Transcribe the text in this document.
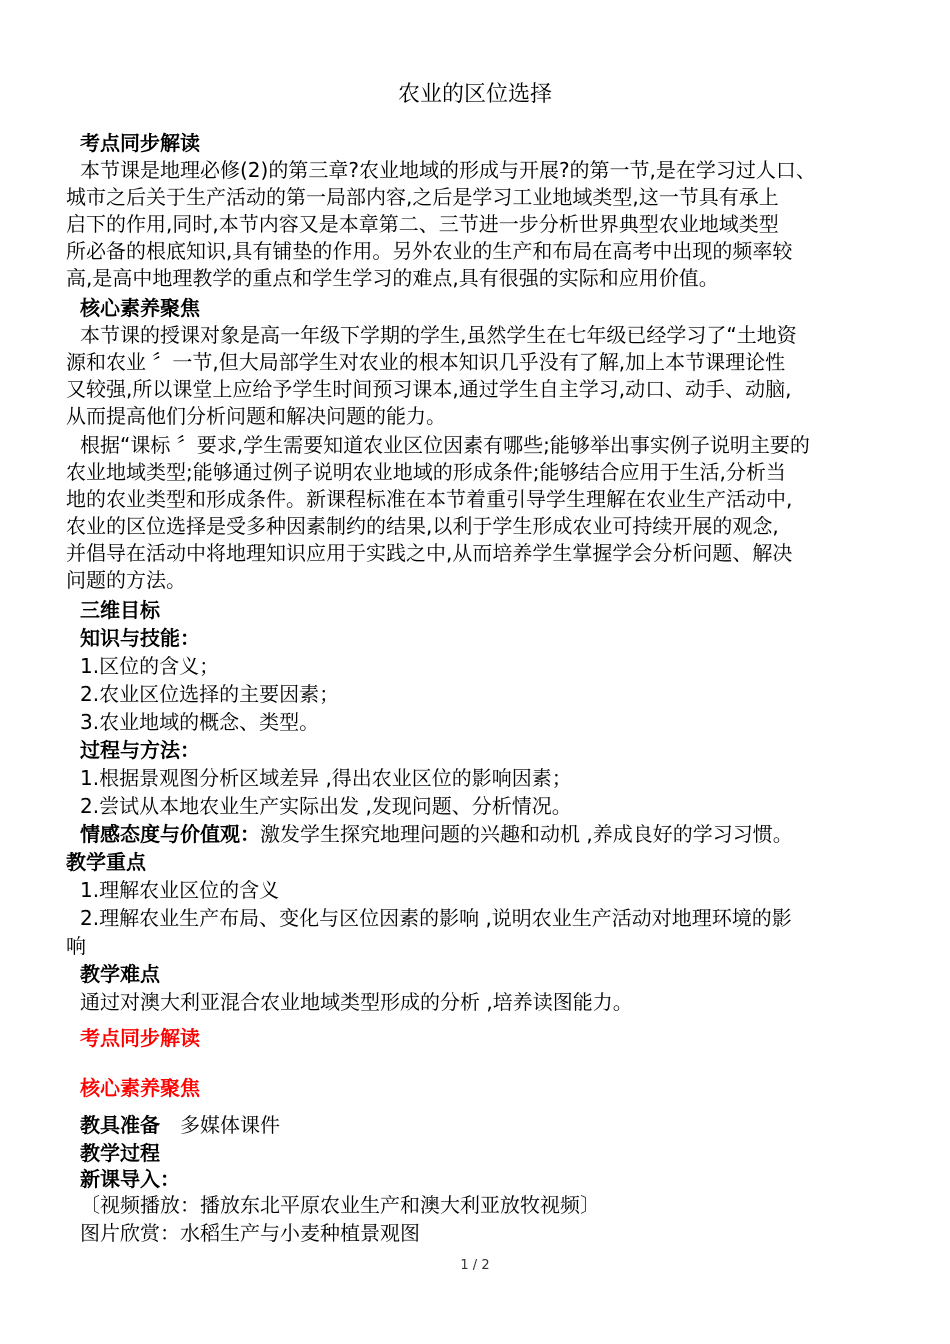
农业的区位选择
考点同步解读
本节课是地理必修(2)的第三章?农业地域的形成与开展?的第一节,是在学习过人口、
城市之后关于生产活动的第一局部内容,之后是学习工业地域类型,这一节具有承上
启下的作用,同时,本节内容又是本章第二、三节进一步分析世界典型农业地域类型
所必备的根底知识,具有铺垫的作用。另外农业的生产和布局在高考中出现的频率较
高,是高中地理教学的重点和学生学习的难点,具有很强的实际和应用价值。
核心素养聚焦
本节课的授课对象是高一年级下学期的学生,虽然学生在七年级已经学习了“土地资
源和农业 〞一节,但大局部学生对农业的根本知识几乎没有了解,加上本节课理论性
又较强,所以课堂上应给予学生时间预习课本,通过学生自主学习,动口、动手、动脑,
从而提高他们分析问题和解决问题的能力。
根据“课标 〞要求,学生需要知道农业区位因素有哪些;能够举出事实例子说明主要的
农业地域类型;能够通过例子说明农业地域的形成条件;能够结合应用于生活,分析当
地的农业类型和形成条件。新课程标准在本节着重引导学生理解在农业生产活动中,
农业的区位选择是受多种因素制约的结果,以利于学生形成农业可持续开展的观念,
并倡导在活动中将地理知识应用于实践之中,从而培养学生掌握学会分析问题、解决
问题的方法。
三维目标
知识与技能：
1.区位的含义；
2.农业区位选择的主要因素；
3.农业地域的概念、类型。
过程与方法：
1.根据景观图分析区域差异 ,得出农业区位的影响因素；
2.尝试从本地农业生产实际出发 ,发现问题、分析情况。
情感态度与价值观：激发学生探究地理问题的兴趣和动机 ,养成良好的学习习惯。
教学重点
1.理解农业区位的含义
2.理解农业生产布局、变化与区位因素的影响 ,说明农业生产活动对地理环境的影
响
教学难点
通过对澳大利亚混合农业地域类型形成的分析 ,培养读图能力。
考点同步解读
核心素养聚焦
教具准备 多媒体课件
教学过程
新课导入：
〔视频播放：播放东北平原农业生产和澳大利亚放牧视频〕
图片欣赏：水稻生产与小麦种植景观图
1 / 2
